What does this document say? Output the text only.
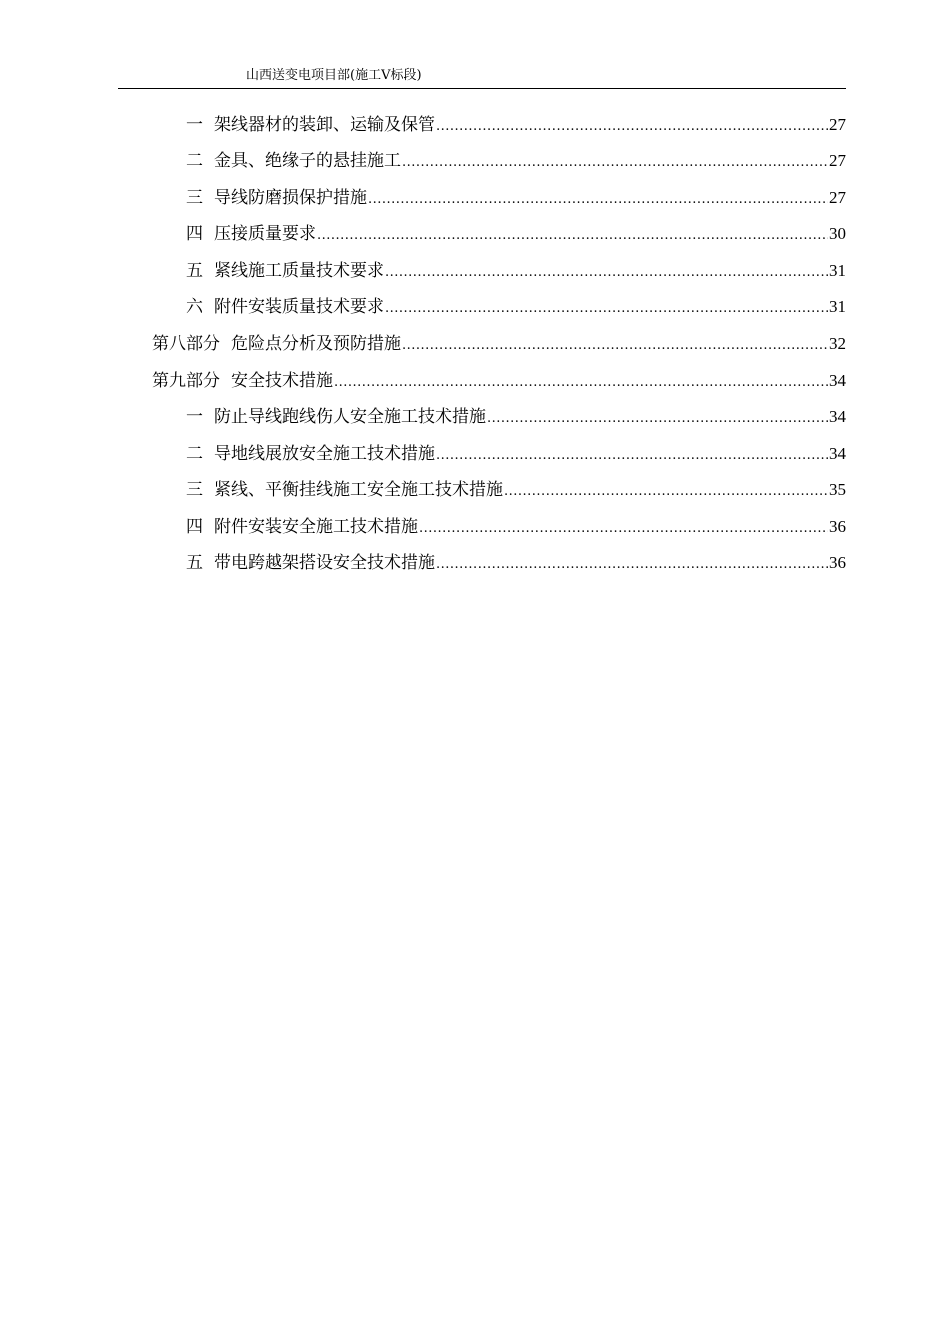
山西送变电项目部(施工Ⅴ标段)
一 架线器材的装卸、运输及保管 .....	27
二 金具、绝缘子的悬挂施工 .....	27
三 导线防磨损保护措施 .....	27
四 压接质量要求 .....	30
五 紧线施工质量技术要求 .....	31
六 附件安装质量技术要求 .....	31
第八部分 危险点分析及预防措施 .....	32
第九部分 安全技术措施 .....	34
一 防止导线跑线伤人安全施工技术措施 .....	34
二 导地线展放安全施工技术措施 .....	34
三 紧线、平衡挂线施工安全施工技术措施 .....	35
四 附件安装安全施工技术措施 .....	36
五 带电跨越架搭设安全技术措施 .....	36
